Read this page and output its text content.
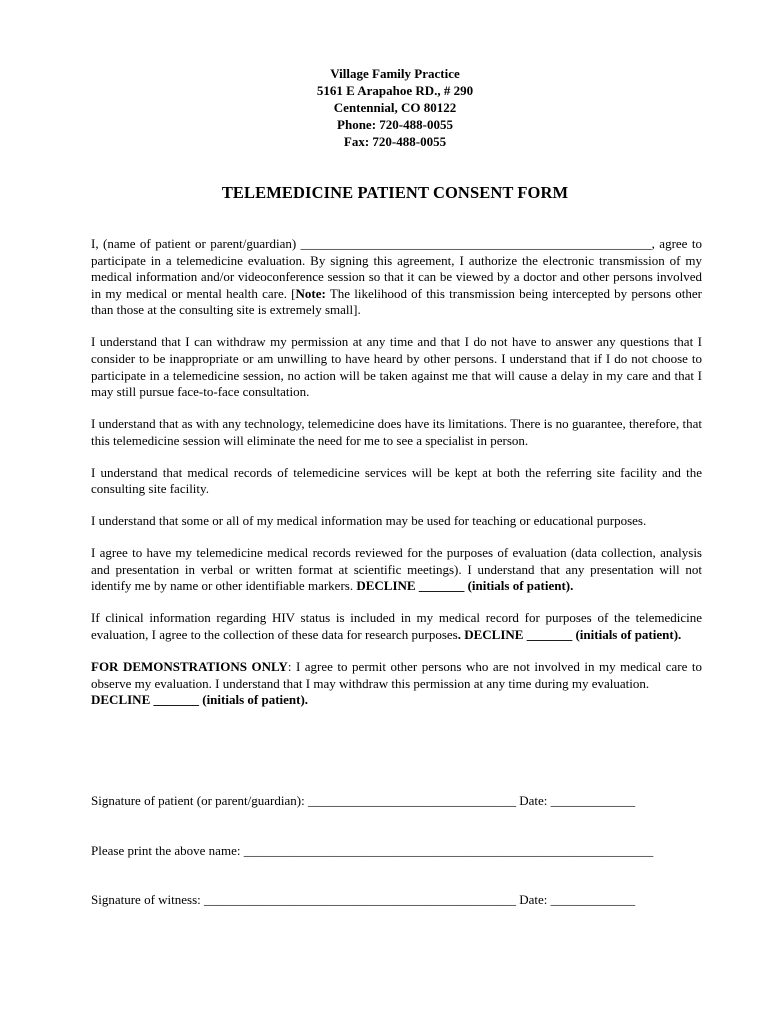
Village Family Practice
5161 E Arapahoe RD., # 290
Centennial, CO 80122
Phone: 720-488-0055
Fax: 720-488-0055
TELEMEDICINE PATIENT CONSENT FORM

I, (name of patient or parent/guardian) ______________________________________________________, agree to participate in a telemedicine evaluation. By signing this agreement, I authorize the electronic transmission of my medical information and/or videoconference session so that it can be viewed by a doctor and other persons involved in my medical or mental health care. [Note: The likelihood of this transmission being intercepted by persons other than those at the consulting site is extremely small].

I understand that I can withdraw my permission at any time and that I do not have to answer any questions that I consider to be inappropriate or am unwilling to have heard by other persons. I understand that if I do not choose to participate in a telemedicine session, no action will be taken against me that will cause a delay in my care and that I may still pursue face-to-face consultation.

I understand that as with any technology, telemedicine does have its limitations. There is no guarantee, therefore, that this telemedicine session will eliminate the need for me to see a specialist in person.

I understand that medical records of telemedicine services will be kept at both the referring site facility and the consulting site facility.

I understand that some or all of my medical information may be used for teaching or educational purposes.

I agree to have my telemedicine medical records reviewed for the purposes of evaluation (data collection, analysis and presentation in verbal or written format at scientific meetings). I understand that any presentation will not identify me by name or other identifiable markers. DECLINE _______ (initials of patient).

If clinical information regarding HIV status is included in my medical record for purposes of the telemedicine evaluation, I agree to the collection of these data for research purposes. DECLINE _______ (initials of patient).

FOR DEMONSTRATIONS ONLY: I agree to permit other persons who are not involved in my medical care to observe my evaluation. I understand that I may withdraw this permission at any time during my evaluation.
DECLINE _______ (initials of patient).

Signature of patient (or parent/guardian): ________________________________ Date: _____________
Please print the above name: _______________________________________________________________
Signature of witness: ________________________________________________ Date: _____________
